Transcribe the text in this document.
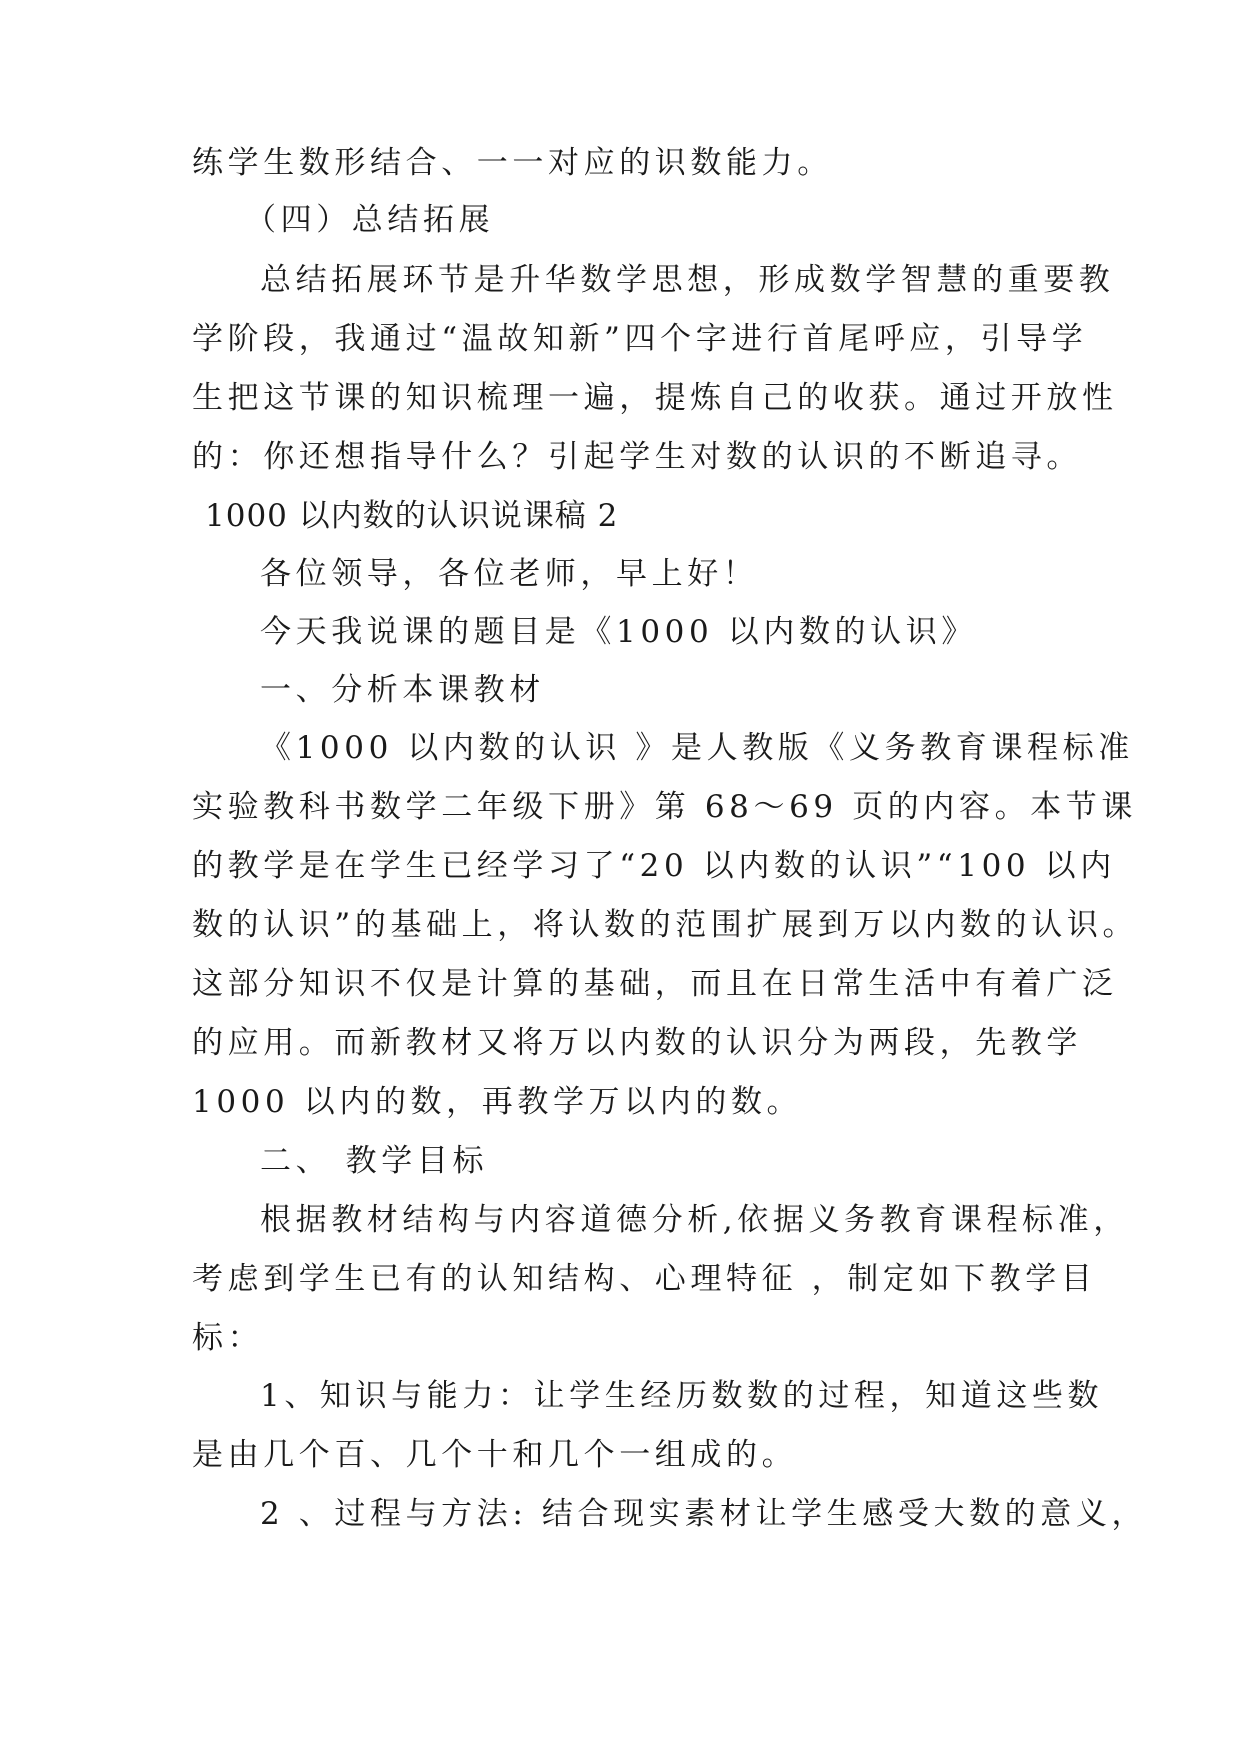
练学生数形结合、一一对应的识数能力。
（四）总结拓展
总结拓展环节是升华数学思想，形成数学智慧的重要教
学阶段，我通过“温故知新”四个字进行首尾呼应，引导学
生把这节课的知识梳理一遍，提炼自己的收获。通过开放性
的：你还想指导什么？引起学生对数的认识的不断追寻。
1000 以内数的认识说课稿 2
各位领导，各位老师，早上好！
今天我说课的题目是《1000 以内数的认识》
一、分析本课教材
《1000 以内数的认识 》是人教版《义务教育课程标准
实验教科书数学二年级下册》第 68～69 页的内容。本节课
的教学是在学生已经学习了“20 以内数的认识”“100 以内
数的认识”的基础上，将认数的范围扩展到万以内数的认识。
这部分知识不仅是计算的基础，而且在日常生活中有着广泛
的应用。而新教材又将万以内数的认识分为两段，先教学
1000 以内的数，再教学万以内的数。
二、 教学目标
根据教材结构与内容道德分析,依据义务教育课程标准，
考虑到学生已有的认知结构、心理特征 ，制定如下教学目
标：
1、知识与能力：让学生经历数数的过程，知道这些数
是由几个百、几个十和几个一组成的。
2 、过程与方法: 结合现实素材让学生感受大数的意义，
